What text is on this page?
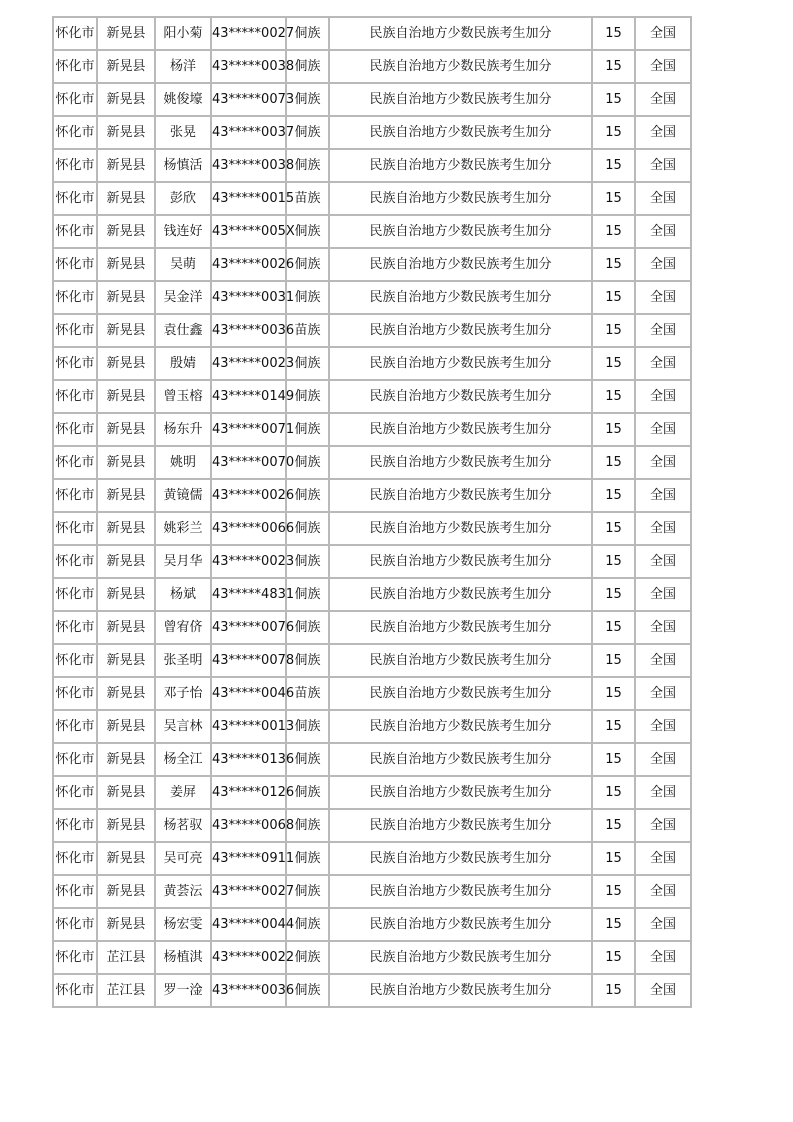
怀化市	新晃县	阳小菊	43*****0027	侗族	民族自治地方少数民族考生加分	15	全国
怀化市	新晃县	杨洋	43*****0038	侗族	民族自治地方少数民族考生加分	15	全国
怀化市	新晃县	姚俊壕	43*****0073	侗族	民族自治地方少数民族考生加分	15	全国
怀化市	新晃县	张晃	43*****0037	侗族	民族自治地方少数民族考生加分	15	全国
怀化市	新晃县	杨慎活	43*****0038	侗族	民族自治地方少数民族考生加分	15	全国
怀化市	新晃县	彭欣	43*****0015	苗族	民族自治地方少数民族考生加分	15	全国
怀化市	新晃县	钱连好	43*****005X	侗族	民族自治地方少数民族考生加分	15	全国
怀化市	新晃县	吴萌	43*****0026	侗族	民族自治地方少数民族考生加分	15	全国
怀化市	新晃县	吴金洋	43*****0031	侗族	民族自治地方少数民族考生加分	15	全国
怀化市	新晃县	袁仕鑫	43*****0036	苗族	民族自治地方少数民族考生加分	15	全国
怀化市	新晃县	殷婧	43*****0023	侗族	民族自治地方少数民族考生加分	15	全国
怀化市	新晃县	曾玉榕	43*****0149	侗族	民族自治地方少数民族考生加分	15	全国
怀化市	新晃县	杨东升	43*****0071	侗族	民族自治地方少数民族考生加分	15	全国
怀化市	新晃县	姚明	43*****0070	侗族	民族自治地方少数民族考生加分	15	全国
怀化市	新晃县	黄镜儒	43*****0026	侗族	民族自治地方少数民族考生加分	15	全国
怀化市	新晃县	姚彩兰	43*****0066	侗族	民族自治地方少数民族考生加分	15	全国
怀化市	新晃县	吴月华	43*****0023	侗族	民族自治地方少数民族考生加分	15	全国
怀化市	新晃县	杨斌	43*****4831	侗族	民族自治地方少数民族考生加分	15	全国
怀化市	新晃县	曾宥侪	43*****0076	侗族	民族自治地方少数民族考生加分	15	全国
怀化市	新晃县	张圣明	43*****0078	侗族	民族自治地方少数民族考生加分	15	全国
怀化市	新晃县	邓子怡	43*****0046	苗族	民族自治地方少数民族考生加分	15	全国
怀化市	新晃县	吴言林	43*****0013	侗族	民族自治地方少数民族考生加分	15	全国
怀化市	新晃县	杨全江	43*****0136	侗族	民族自治地方少数民族考生加分	15	全国
怀化市	新晃县	姜屏	43*****0126	侗族	民族自治地方少数民族考生加分	15	全国
怀化市	新晃县	杨茗驭	43*****0068	侗族	民族自治地方少数民族考生加分	15	全国
怀化市	新晃县	吴可亮	43*****0911	侗族	民族自治地方少数民族考生加分	15	全国
怀化市	新晃县	黄荟沄	43*****0027	侗族	民族自治地方少数民族考生加分	15	全国
怀化市	新晃县	杨宏雯	43*****0044	侗族	民族自治地方少数民族考生加分	15	全国
怀化市	芷江县	杨植淇	43*****0022	侗族	民族自治地方少数民族考生加分	15	全国
怀化市	芷江县	罗一淦	43*****0036	侗族	民族自治地方少数民族考生加分	15	全国
